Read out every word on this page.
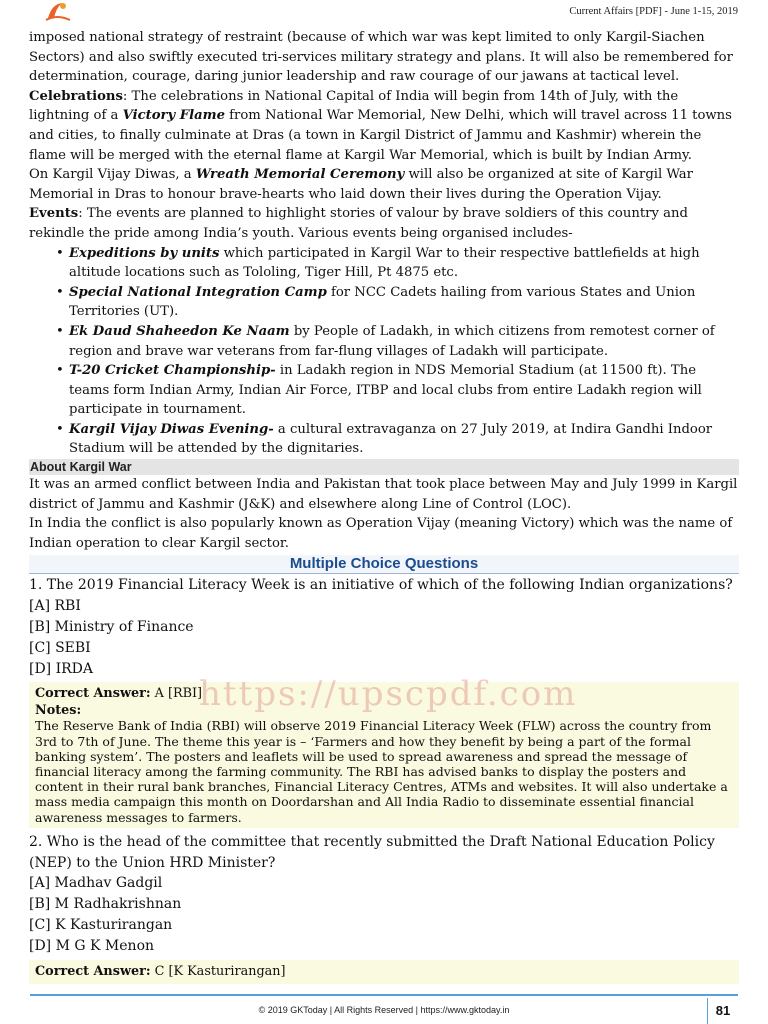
Current Affairs [PDF] - June 1-15, 2019

imposed national strategy of restraint (because of which war was kept limited to only Kargil-Siachen Sectors) and also swiftly executed tri-services military strategy and plans. It will also be remembered for determination, courage, daring junior leadership and raw courage of our jawans at tactical level.

Celebrations: The celebrations in National Capital of India will begin from 14th of July, with the lightning of a Victory Flame from National War Memorial, New Delhi, which will travel across 11 towns and cities, to finally culminate at Dras (a town in Kargil District of Jammu and Kashmir) wherein the flame will be merged with the eternal flame at Kargil War Memorial, which is built by Indian Army.

On Kargil Vijay Diwas, a Wreath Memorial Ceremony will also be organized at site of Kargil War Memorial in Dras to honour brave-hearts who laid down their lives during the Operation Vijay.

Events: The events are planned to highlight stories of valour by brave soldiers of this country and rekindle the pride among India’s youth. Various events being organised includes-

• Expeditions by units which participated in Kargil War to their respective battlefields at high altitude locations such as Tololing, Tiger Hill, Pt 4875 etc.
• Special National Integration Camp for NCC Cadets hailing from various States and Union Territories (UT).
• Ek Daud Shaheedon Ke Naam by People of Ladakh, in which citizens from remotest corner of region and brave war veterans from far-flung villages of Ladakh will participate.
• T-20 Cricket Championship- in Ladakh region in NDS Memorial Stadium (at 11500 ft). The teams form Indian Army, Indian Air Force, ITBP and local clubs from entire Ladakh region will participate in tournament.
• Kargil Vijay Diwas Evening- a cultural extravaganza on 27 July 2019, at Indira Gandhi Indoor Stadium will be attended by the dignitaries.
About Kargil War

It was an armed conflict between India and Pakistan that took place between May and July 1999 in Kargil district of Jammu and Kashmir (J&K) and elsewhere along Line of Control (LOC).

In India the conflict is also popularly known as Operation Vijay (meaning Victory) which was the name of Indian operation to clear Kargil sector.

Multiple Choice Questions
1. The 2019 Financial Literacy Week is an initiative of which of the following Indian organizations?
[A] RBI
[B] Ministry of Finance
[C] SEBI
[D] IRDA
https://upscpdf.com
Correct Answer: A [RBI]
Notes:
The Reserve Bank of India (RBI) will observe 2019 Financial Literacy Week (FLW) across the country from 3rd to 7th of June. The theme this year is – ‘Farmers and how they benefit by being a part of the formal banking system’. The posters and leaflets will be used to spread awareness and spread the message of financial literacy among the farming community. The RBI has advised banks to display the posters and content in their rural bank branches, Financial Literacy Centres, ATMs and websites. It will also undertake a mass media campaign this month on Doordarshan and All India Radio to disseminate essential financial awareness messages to farmers.
2. Who is the head of the committee that recently submitted the Draft National Education Policy (NEP) to the Union HRD Minister?
[A] Madhav Gadgil
[B] M Radhakrishnan
[C] K Kasturirangan
[D] M G K Menon
Correct Answer: C [K Kasturirangan]
© 2019 GKToday | All Rights Reserved | https://www.gktoday.in	81
